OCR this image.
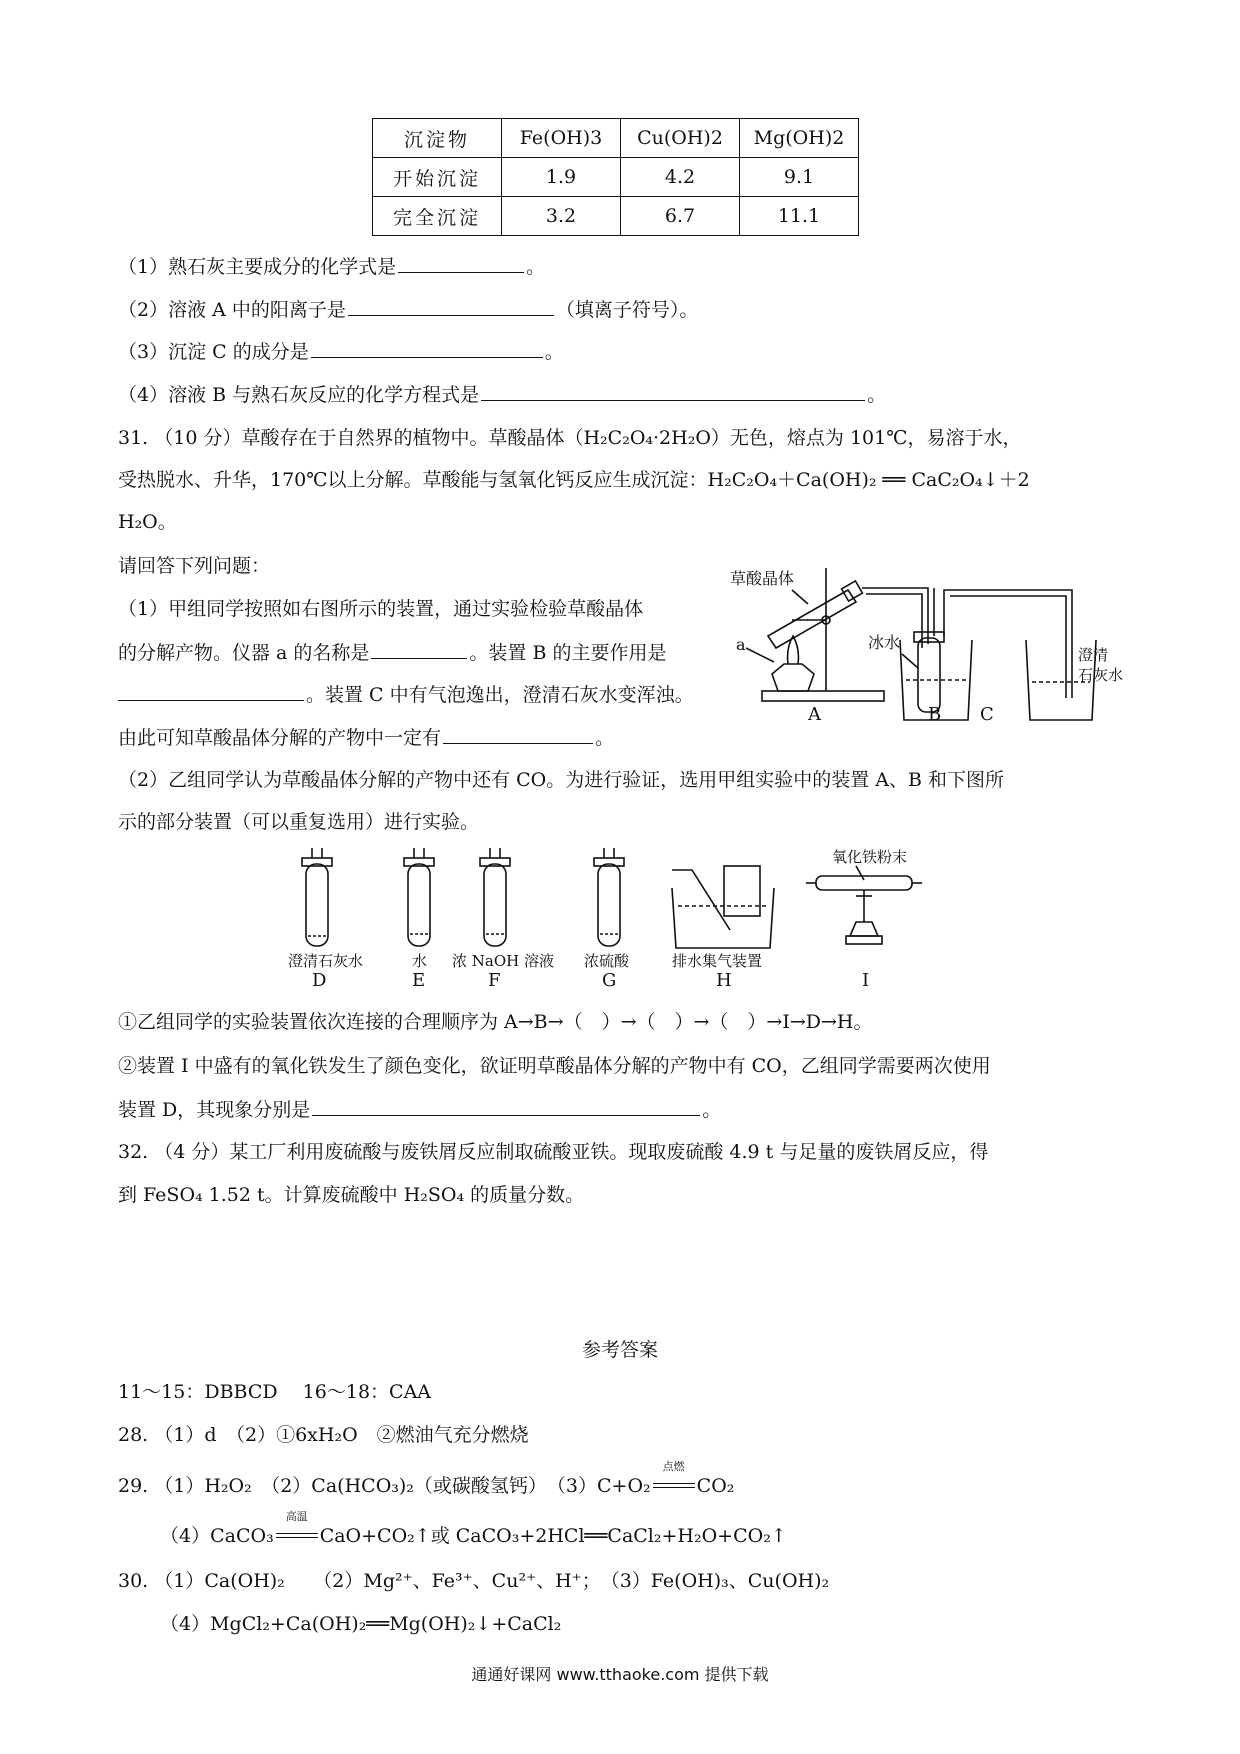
沉淀物	Fe(OH)3	Cu(OH)2	Mg(OH)2
开始沉淀	1.9	4.2	9.1
完全沉淀	3.2	6.7	11.1
（1）熟石灰主要成分的化学式是	。
（2）溶液 A 中的阳离子是	（填离子符号）。
（3）沉淀 C 的成分是	。
（4）溶液 B 与熟石灰反应的化学方程式是	。
31. （10 分）草酸存在于自然界的植物中。草酸晶体（H₂C₂O₄·2H₂O）无色，熔点为 101℃，易溶于水，
受热脱水、升华，170℃以上分解。草酸能与氢氧化钙反应生成沉淀：H₂C₂O₄＋Ca(OH)₂ ══ CaC₂O₄↓＋2
H₂O。
请回答下列问题：
（1）甲组同学按照如右图所示的装置，通过实验检验草酸晶体
的分解产物。仪器 a 的名称是	。装置 B 的主要作用是
。装置 C 中有气泡逸出，澄清石灰水变浑浊。
由此可知草酸晶体分解的产物中一定有	。
草酸晶体
a	冰水
澄清
石灰水
A	B C
（2）乙组同学认为草酸晶体分解的产物中还有 CO。为进行验证，选用甲组实验中的装置 A、B 和下图所
示的部分装置（可以重复选用）进行实验。
氧化铁粉末
澄清石灰水
D
水
E
浓 NaOH 溶液
F
浓硫酸
G
排水集气装置
H	I
①乙组同学的实验装置依次连接的合理顺序为 A→B→（　）→（　）→（　）→I→D→H。
②装置 I 中盛有的氧化铁发生了颜色变化，欲证明草酸晶体分解的产物中有 CO，乙组同学需要两次使用
装置 D，其现象分别是	。
32. （4 分）某工厂利用废硫酸与废铁屑反应制取硫酸亚铁。现取废硫酸 4.9 t 与足量的废铁屑反应，得
到 FeSO₄ 1.52 t。计算废硫酸中 H₂SO₄ 的质量分数。
参考答案
11～15：DBBCD　 16～18：CAA
28. （1）d　（2）①6xH₂O　②燃油气充分燃烧
29. （1）H₂O₂　（2）Ca(HCO₃)₂（或碳酸氢钙）　（3）C+O₂
点燃
CO₂
（4）CaCO₃
高温
CaO+CO₂↑或 CaCO₃+2HCl══CaCl₂+H₂O+CO₂↑
30. （1）Ca(OH)₂　　（2）Mg²⁺、Fe³⁺、Cu²⁺、H⁺；　（3）Fe(OH)₃、Cu(OH)₂
（4）MgCl₂+Ca(OH)₂══Mg(OH)₂↓+CaCl₂
通通好课网 www.tthaoke.com 提供下载
